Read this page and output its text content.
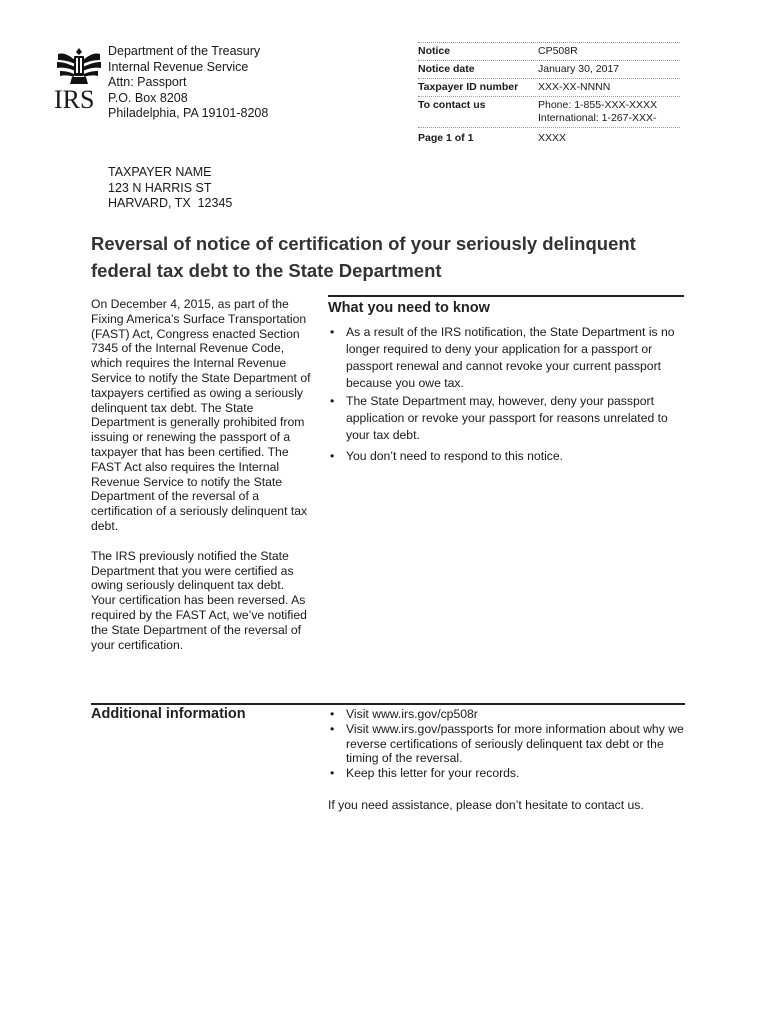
IRS
Department of the Treasury
Internal Revenue Service
Attn: Passport
P.O. Box 8208
Philadelphia, PA 19101-8208
Notice	CP508R
Notice date	January 30, 2017
Taxpayer ID number	XXX-XX-NNNN
To contact us	Phone: 1-855-XXX-XXXX
International: 1-267-XXX-
Page 1 of 1	XXXX
TAXPAYER NAME
123 N HARRIS ST
HARVARD, TX  12345
Reversal of notice of certification of your seriously delinquent federal tax debt to the State Department

On December 4, 2015, as part of the Fixing America’s Surface Transportation (FAST) Act, Congress enacted Section 7345 of the Internal Revenue Code, which requires the Internal Revenue Service to notify the State Department of taxpayers certified as owing a seriously delinquent tax debt. The State Department is generally prohibited from issuing or renewing the passport of a taxpayer that has been certified. The FAST Act also requires the Internal Revenue Service to notify the State Department of the reversal of a certification of a seriously delinquent tax debt.

The IRS previously notified the State Department that you were certified as owing seriously delinquent tax debt. Your certification has been reversed. As required by the FAST Act, we’ve notified the State Department of the reversal of your certification.

What you need to know
• As a result of the IRS notification, the State Department is no longer required to deny your application for a passport or passport renewal and cannot revoke your current passport because you owe tax.
• The State Department may, however, deny your passport application or revoke your passport for reasons unrelated to your tax debt.
• You don’t need to respond to this notice.
Additional information
•	Visit www.irs.gov/cp508r
• Visit www.irs.gov/passports for more information about why we reverse certifications of seriously delinquent tax debt or the timing of the reversal.
• Keep this letter for your records.
If you need assistance, please don’t hesitate to contact us.
